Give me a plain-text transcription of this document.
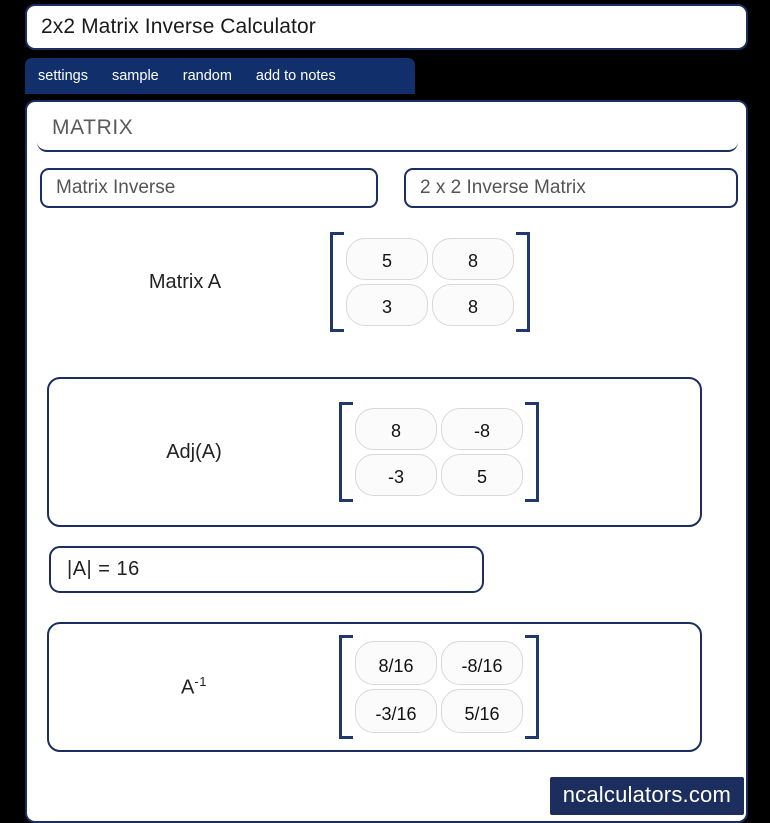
2x2 Matrix Inverse Calculator
settings sample random add to notes
MATRIX
Matrix Inverse	2 x 2 Inverse Matrix
Matrix A
5	8
3	8
Adj(A)
8	-8
-3	5
|A| = 16
$A^{-1}$
8/16	-8/16
-3/16	5/16
ncalculators.com
